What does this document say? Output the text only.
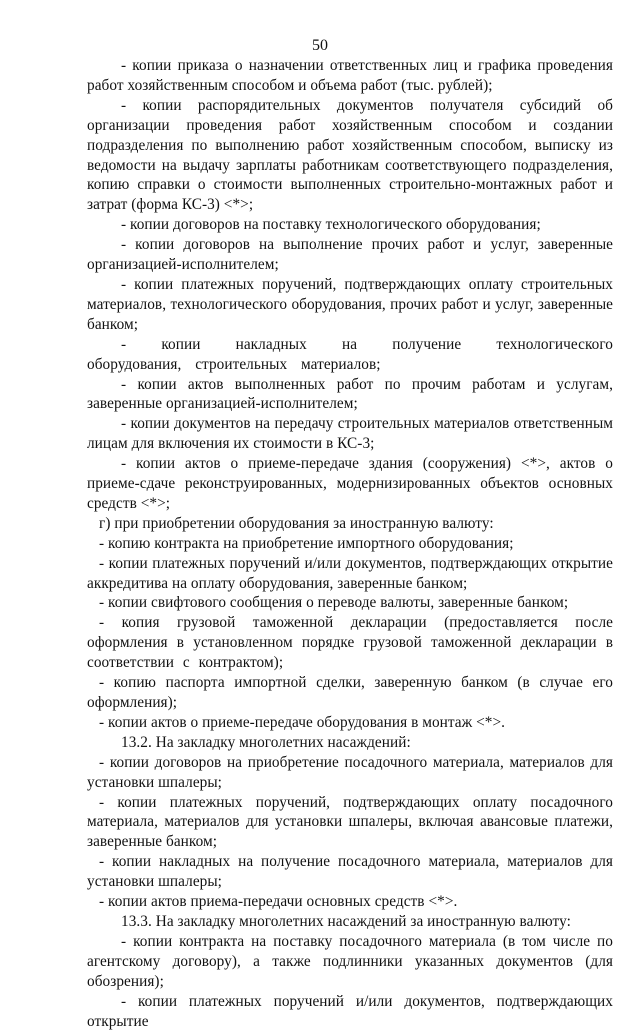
50

- копии приказа о назначении ответственных лиц и графика проведения работ хозяйственным способом и объема работ (тыс. рублей);

- копии распорядительных документов получателя субсидий об организации проведения работ хозяйственным способом и создании подразделения по выполнению работ хозяйственным способом, выписку из ведомости на выдачу зарплаты работникам соответствующего подразделения, копию справки о стоимости выполненных строительно-монтажных работ и затрат (форма КС-3) <*>;

- копии договоров на поставку технологического оборудования;

- копии договоров на выполнение прочих работ и услуг, заверенные организацией-исполнителем;

- копии платежных поручений, подтверждающих оплату строительных материалов, технологического оборудования, прочих работ и услуг, заверенные банком;

- копии накладных на получение технологического оборудования, строительных материалов;

- копии актов выполненных работ по прочим работам и услугам, заверенные организацией-исполнителем;

- копии документов на передачу строительных материалов ответственным лицам для включения их стоимости в КС-3;

- копии актов о приеме-передаче здания (сооружения) <*>, актов о приеме-сдаче реконструированных, модернизированных объектов основных средств <*>;

г) при приобретении оборудования за иностранную валюту:

- копию контракта на приобретение импортного оборудования;

- копии платежных поручений и/или документов, подтверждающих открытие аккредитива на оплату оборудования, заверенные банком;

- копии свифтового сообщения о переводе валюты, заверенные банком;

- копия грузовой таможенной декларации (предоставляется после оформления в установленном порядке грузовой таможенной декларации в соответствии с контрактом);

- копию паспорта импортной сделки, заверенную банком (в случае его оформления);

- копии актов о приеме-передаче оборудования в монтаж <*>.

13.2. На закладку многолетних насаждений:

- копии договоров на приобретение посадочного материала, материалов для установки шпалеры;

- копии платежных поручений, подтверждающих оплату посадочного материала, материалов для установки шпалеры, включая авансовые платежи, заверенные банком;

- копии накладных на получение посадочного материала, материалов для установки шпалеры;

- копии актов приема-передачи основных средств <*>.

13.3. На закладку многолетних насаждений за иностранную валюту:

- копии контракта на поставку посадочного материала (в том числе по агентскому договору), а также подлинники указанных документов (для обозрения);

- копии платежных поручений и/или документов, подтверждающих открытие
